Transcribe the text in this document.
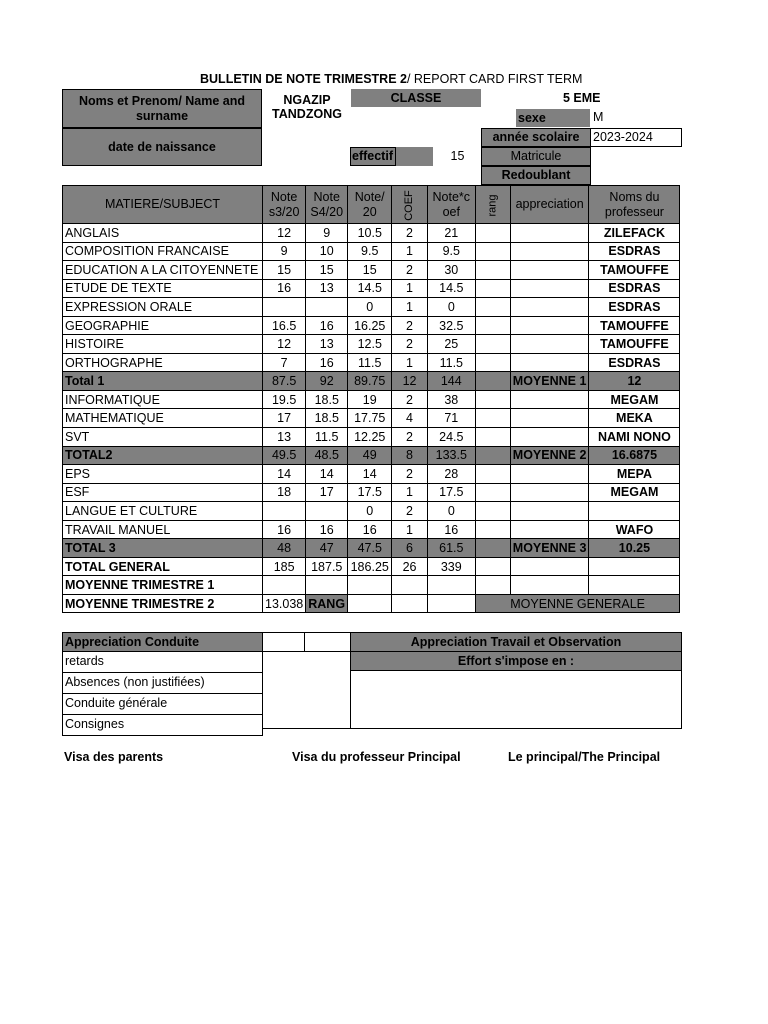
BULLETIN DE NOTE TRIMESTRE 2/ REPORT CARD FIRST TERM
Noms et Prenom/ Name and surname
NGAZIP TANDZONG
CLASSE	5 EME
sexe	M
date de naissance
année scolaire	2023-2024
effectif	15	Matricule
Redoublant
MATIERE/SUBJECT	Note s3/20	Note S4/20	Note/ 20	COEF	Note*c oef	rang	appreciation	Noms du professeur
ANGLAIS	12	9	10.5	2	21			ZILEFACK
COMPOSITION FRANCAISE	9	10	9.5	1	9.5			ESDRAS
EDUCATION A LA CITOYENNETE	15	15	15	2	30			TAMOUFFE
ETUDE DE TEXTE	16	13	14.5	1	14.5			ESDRAS
EXPRESSION ORALE			0	1	0			ESDRAS
GEOGRAPHIE	16.5	16	16.25	2	32.5			TAMOUFFE
HISTOIRE	12	13	12.5	2	25			TAMOUFFE
ORTHOGRAPHE	7	16	11.5	1	11.5			ESDRAS
Total 1	87.5	92	89.75	12	144		MOYENNE 1	12
INFORMATIQUE	19.5	18.5	19	2	38			MEGAM
MATHEMATIQUE	17	18.5	17.75	4	71			MEKA
SVT	13	11.5	12.25	2	24.5			NAMI NONO
TOTAL2	49.5	48.5	49	8	133.5		MOYENNE 2	16.6875
EPS	14	14	14	2	28			MEPA
ESF	18	17	17.5	1	17.5			MEGAM
LANGUE ET CULTURE			0	2	0			
TRAVAIL MANUEL	16	16	16	1	16			WAFO
TOTAL 3	48	47	47.5	6	61.5		MOYENNE 3	10.25
TOTAL GENERAL	185	187.5	186.25	26	339			
MOYENNE TRIMESTRE 1								
MOYENNE TRIMESTRE 2	13.038	RANG				MOYENNE GENERALE		
Appreciation Conduite	Appreciation Travail et Observation
Effort s'impose en :
retards
Absences (non justifiées)
Conduite générale
Consignes
Visa des parents	Visa du professeur Principal	Le principal/The Principal
